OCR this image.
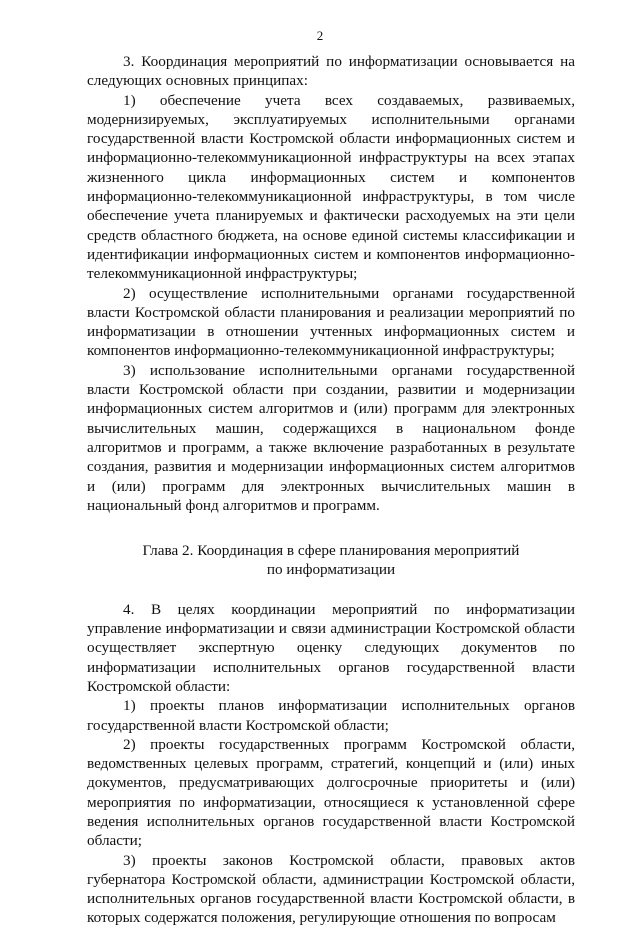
2

3. Координация мероприятий по информатизации основывается на следующих основных принципах:

1) обеспечение учета всех создаваемых, развиваемых, модернизируемых, эксплуатируемых исполнительными органами государственной власти Костромской области информационных систем и информационно-телекоммуникационной инфраструктуры на всех этапах жизненного цикла информационных систем и компонентов информационно-телекоммуникационной инфраструктуры, в том числе обеспечение учета планируемых и фактически расходуемых на эти цели средств областного бюджета, на основе единой системы классификации и идентификации информационных систем и компонентов информационно-телекоммуникационной инфраструктуры;

2) осуществление исполнительными органами государственной власти Костромской области планирования и реализации мероприятий по информатизации в отношении учтенных информационных систем и компонентов информационно-телекоммуникационной инфраструктуры;

3) использование исполнительными органами государственной власти Костромской области при создании, развитии и модернизации информационных систем алгоритмов и (или) программ для электронных вычислительных машин, содержащихся в национальном фонде алгоритмов и программ, а также включение разработанных в результате создания, развития и модернизации информационных систем алгоритмов и (или) программ для электронных вычислительных машин в национальный фонд алгоритмов и программ.

Глава 2. Координация в сфере планирования мероприятий
по информатизации

4. В целях координации мероприятий по информатизации управление информатизации и связи администрации Костромской области осуществляет экспертную оценку следующих документов по информатизации исполнительных органов государственной власти Костромской области:

1) проекты планов информатизации исполнительных органов государственной власти Костромской области;

2) проекты государственных программ Костромской области, ведомственных целевых программ, стратегий, концепций и (или) иных документов, предусматривающих долгосрочные приоритеты и (или) мероприятия по информатизации, относящиеся к установленной сфере ведения исполнительных органов государственной власти Костромской области;

3) проекты законов Костромской области, правовых актов губернатора Костромской области, администрации Костромской области, исполнительных органов государственной власти Костромской области, в которых содержатся положения, регулирующие отношения по вопросам
